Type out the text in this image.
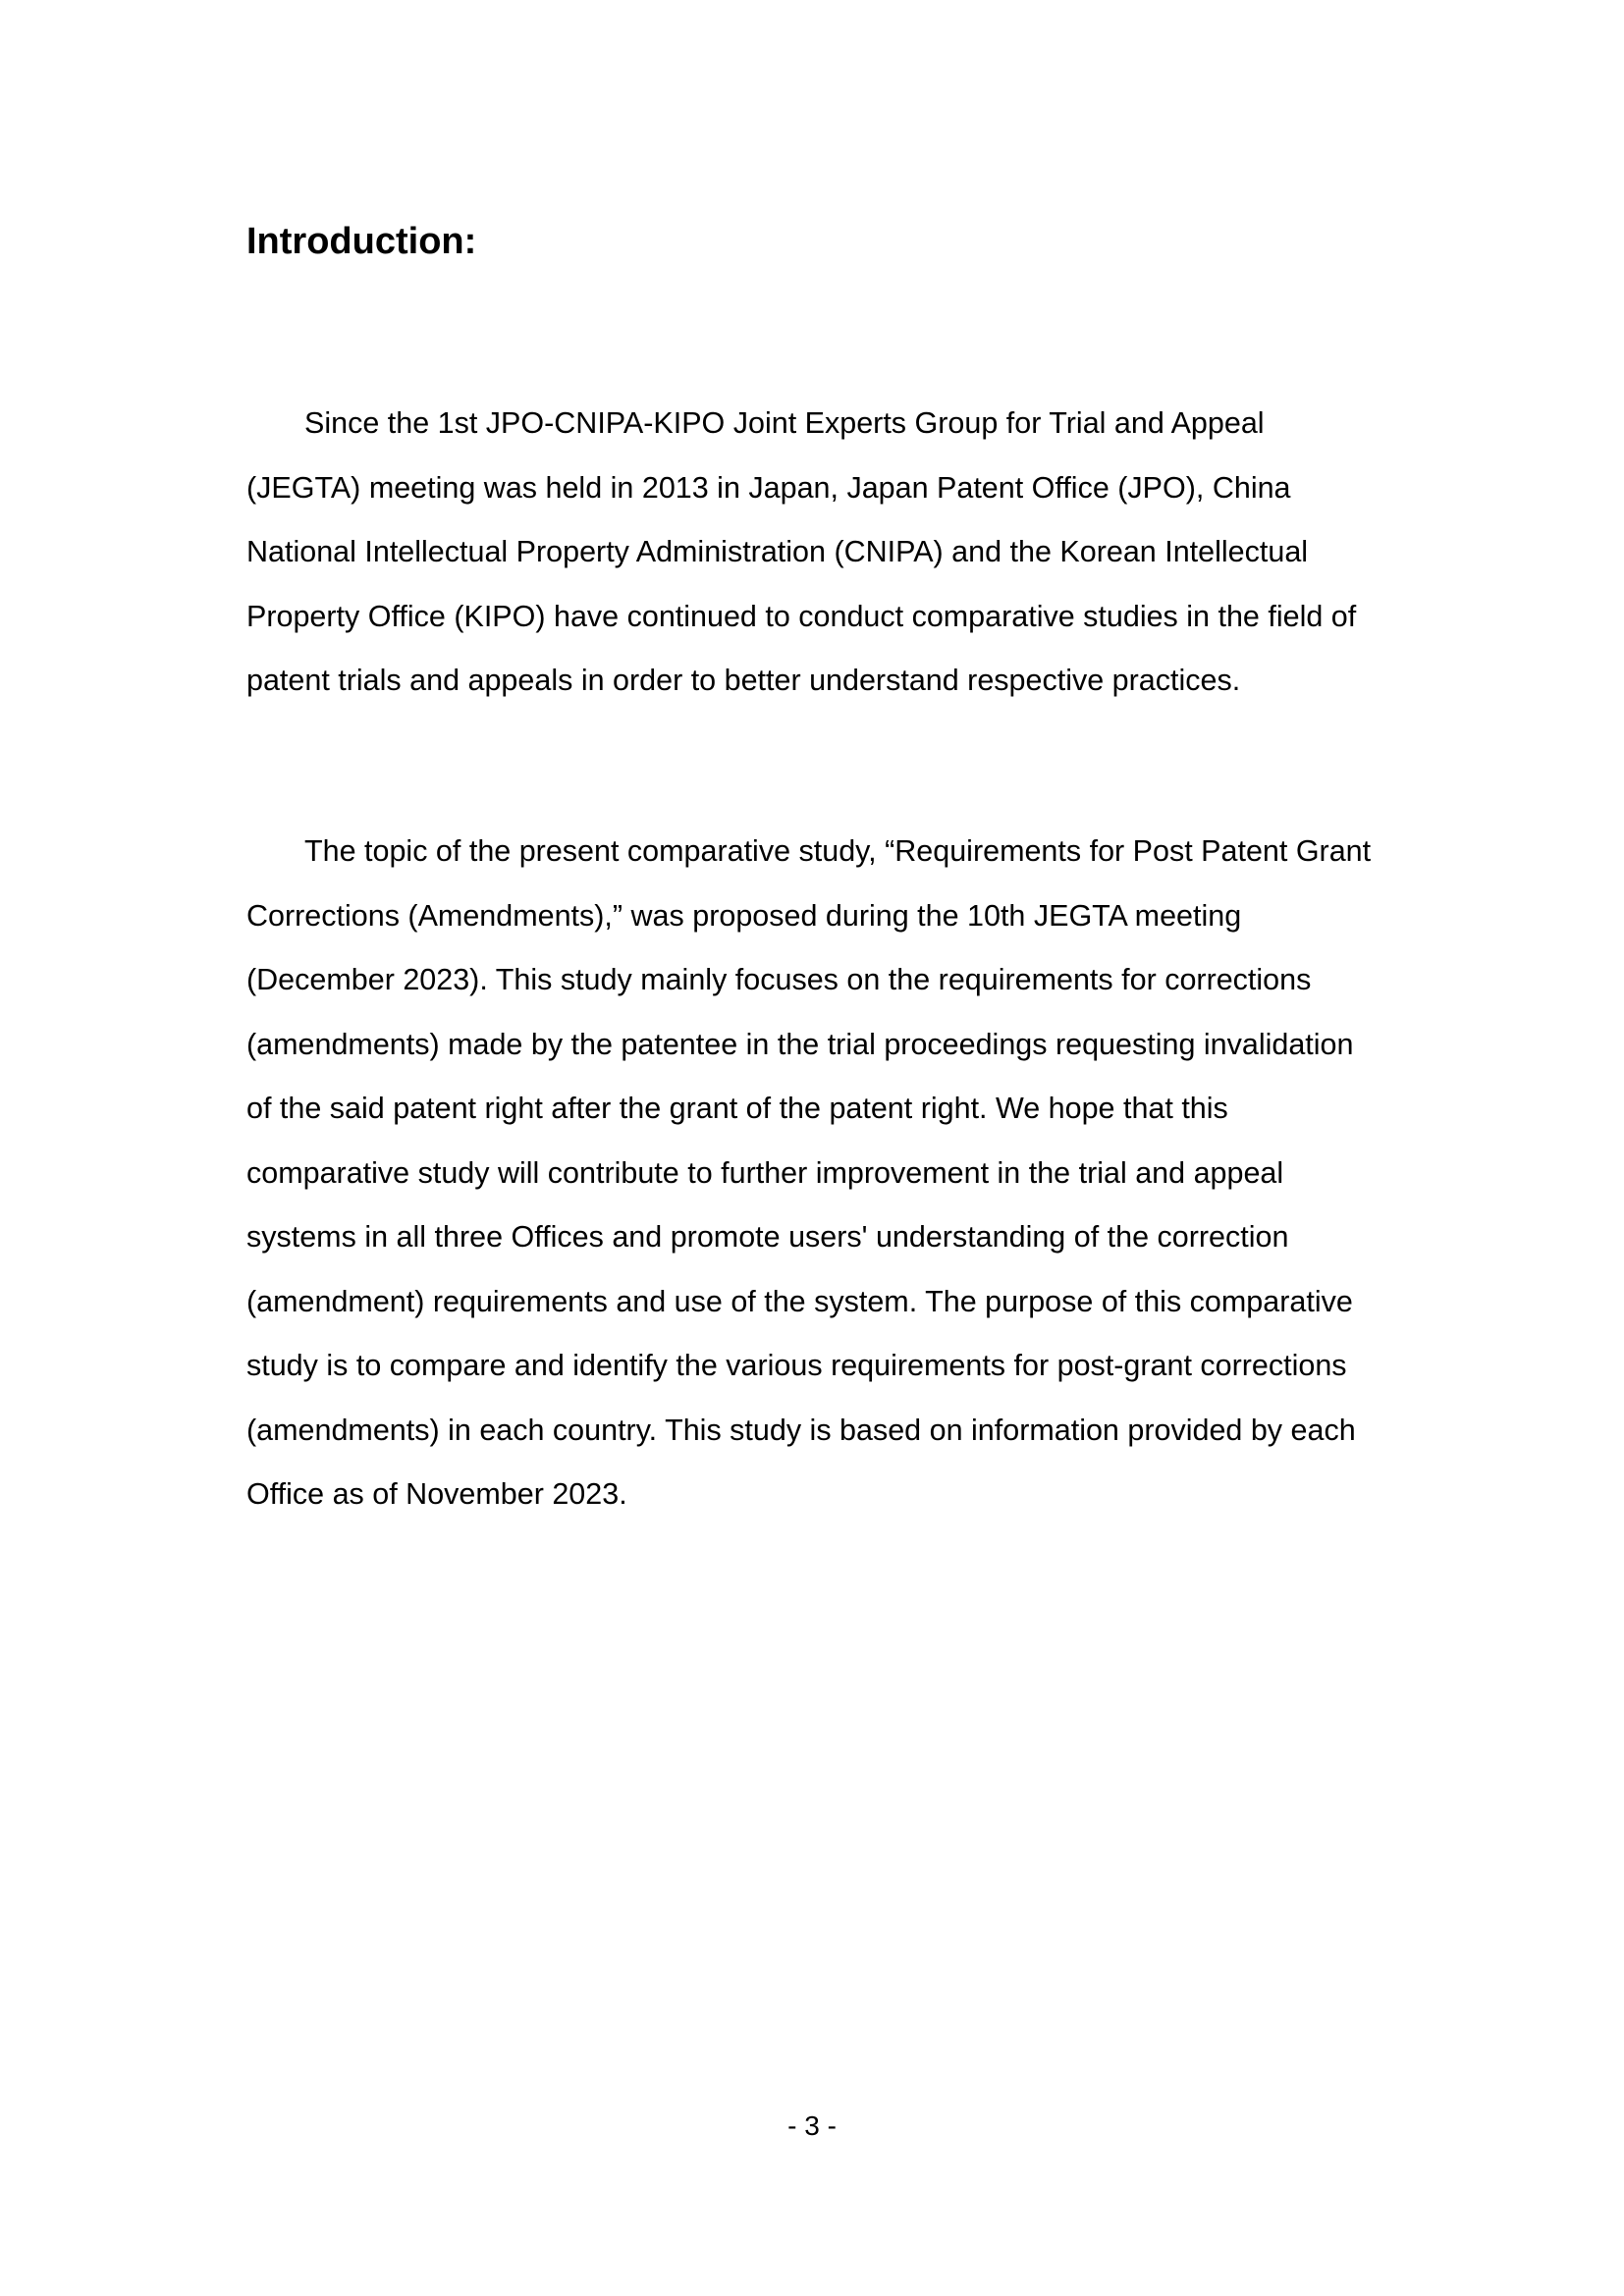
Introduction:

Since the 1st JPO-CNIPA-KIPO Joint Experts Group for Trial and Appeal
(JEGTA) meeting was held in 2013 in Japan, Japan Patent Office (JPO), China
National Intellectual Property Administration (CNIPA) and the Korean Intellectual
Property Office (KIPO) have continued to conduct comparative studies in the field of
patent trials and appeals in order to better understand respective practices.

The topic of the present comparative study, “Requirements for Post Patent Grant
Corrections (Amendments),” was proposed during the 10th JEGTA meeting
(December 2023). This study mainly focuses on the requirements for corrections
(amendments) made by the patentee in the trial proceedings requesting invalidation
of the said patent right after the grant of the patent right. We hope that this
comparative study will contribute to further improvement in the trial and appeal
systems in all three Offices and promote users' understanding of the correction
(amendment) requirements and use of the system. The purpose of this comparative
study is to compare and identify the various requirements for post-grant corrections
(amendments) in each country. This study is based on information provided by each
Office as of November 2023.

- 3 -
